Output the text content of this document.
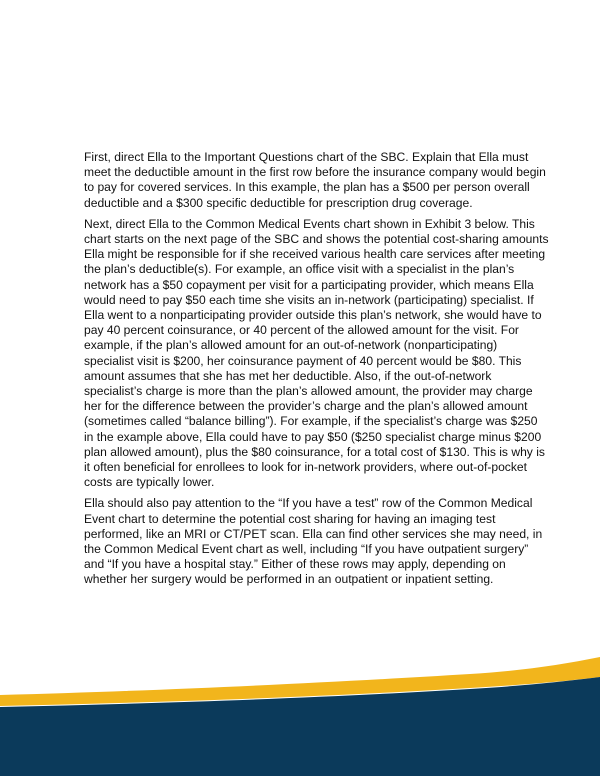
First, direct Ella to the Important Questions chart of the SBC. Explain that Ella must meet the deductible amount in the first row before the insurance company would begin to pay for covered services. In this example, the plan has a $500 per person overall deductible and a $300 specific deductible for prescription drug coverage.

Next, direct Ella to the Common Medical Events chart shown in Exhibit 3 below. This chart starts on the next page of the SBC and shows the potential cost-sharing amounts Ella might be responsible for if she received various health care services after meeting the plan’s deductible(s). For example, an office visit with a specialist in the plan’s network has a $50 copayment per visit for a participating provider, which means Ella would need to pay $50 each time she visits an in-network (participating) specialist. If Ella went to a nonparticipating provider outside this plan’s network, she would have to pay 40 percent coinsurance, or 40 percent of the allowed amount for the visit. For example, if the plan’s allowed amount for an out-of-network (nonparticipating) specialist visit is $200, her coinsurance payment of 40 percent would be $80. This amount assumes that she has met her deductible. Also, if the out-of-network specialist’s charge is more than the plan’s allowed amount, the provider may charge her for the difference between the provider’s charge and the plan’s allowed amount (sometimes called “balance billing”). For example, if the specialist’s charge was $250 in the example above, Ella could have to pay $50 ($250 specialist charge minus $200 plan allowed amount), plus the $80 coinsurance, for a total cost of $130. This is why is it often beneficial for enrollees to look for in-network providers, where out-of-pocket costs are typically lower.

Ella should also pay attention to the “If you have a test” row of the Common Medical Event chart to determine the potential cost sharing for having an imaging test performed, like an MRI or CT/PET scan. Ella can find other services she may need, in the Common Medical Event chart as well, including “If you have outpatient surgery” and “If you have a hospital stay.” Either of these rows may apply, depending on whether her surgery would be performed in an outpatient or inpatient setting.
